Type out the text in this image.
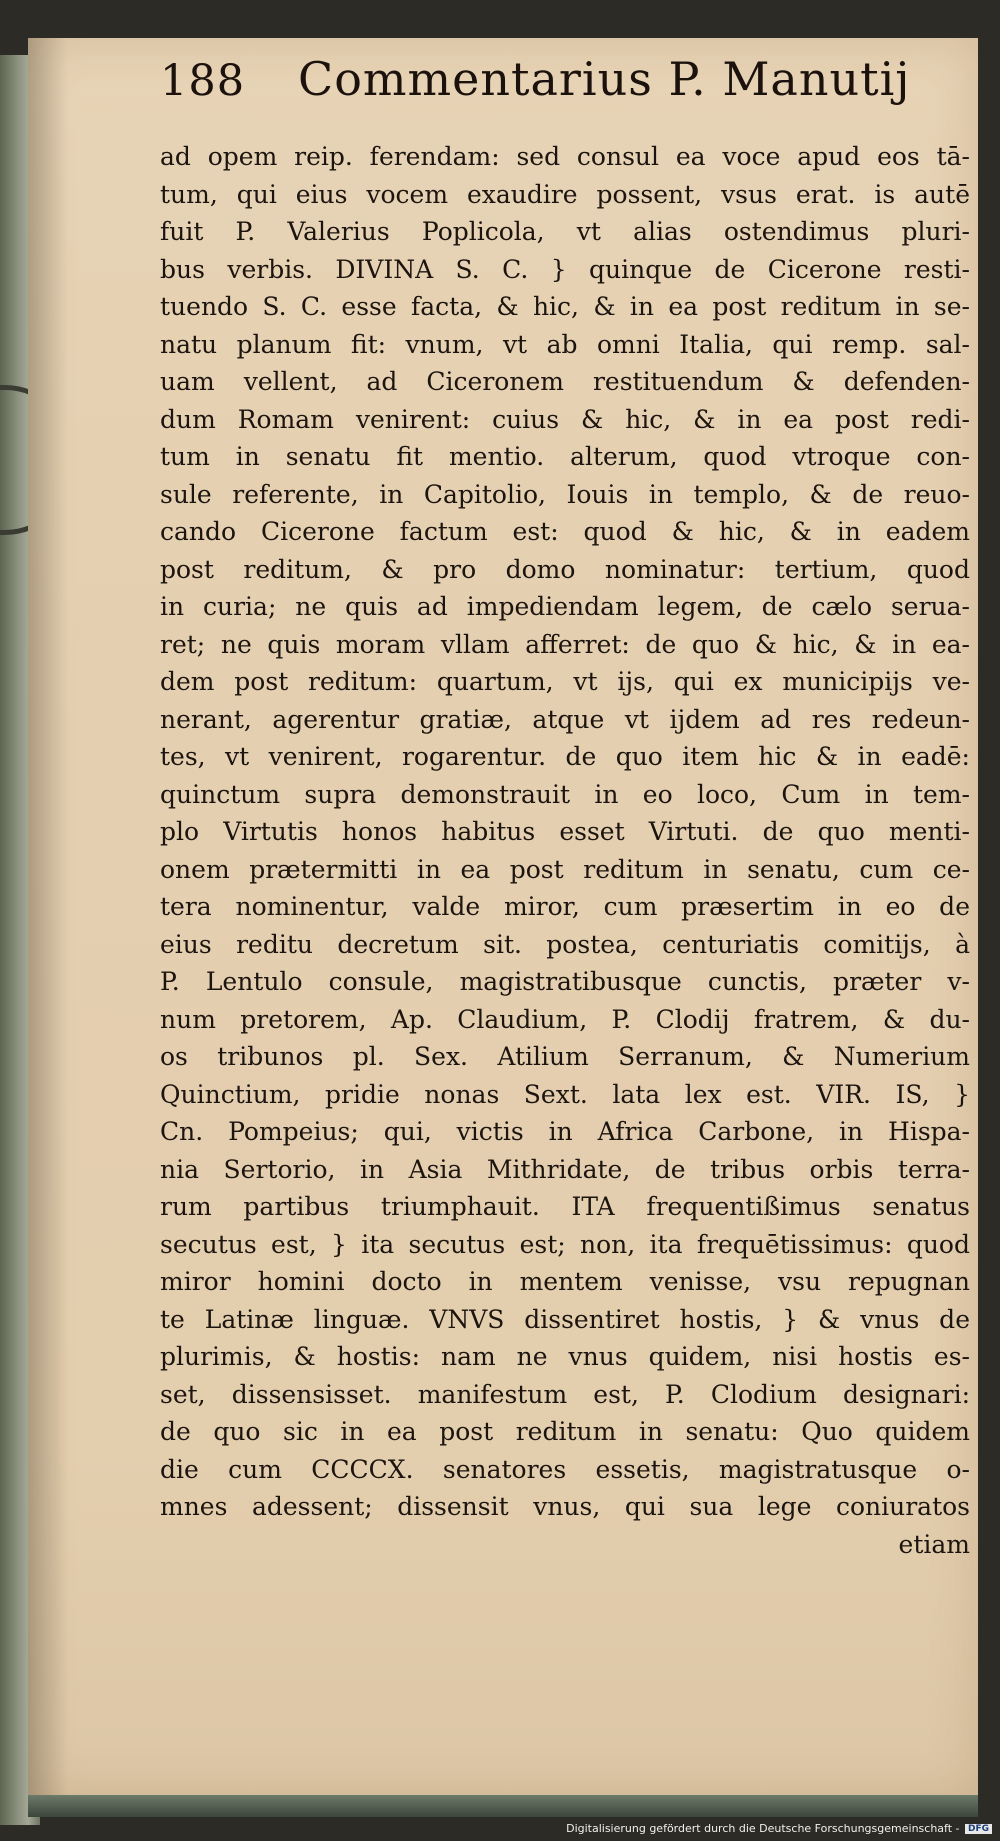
188 Commentarius P. Manutij
ad opem reip. ferendam: sed consul ea voce apud eos tā-
tum, qui eius vocem exaudire possent, vsus erat. is autē
fuit P. Valerius Poplicola, vt alias ostendimus pluri-
bus verbis. DIVINA S. C. } quinque de Cicerone resti-
tuendo S. C. esse facta, & hic, & in ea post reditum in se-
natu planum fit: vnum, vt ab omni Italia, qui remp. sal-
uam vellent, ad Ciceronem restituendum & defenden-
dum Romam venirent: cuius & hic, & in ea post redi-
tum in senatu fit mentio. alterum, quod vtroque con-
sule referente, in Capitolio, Iouis in templo, & de reuo-
cando Cicerone factum est: quod & hic, & in eadem
post reditum, & pro domo nominatur: tertium, quod
in curia; ne quis ad impediendam legem, de cælo serua-
ret; ne quis moram vllam afferret: de quo & hic, & in ea-
dem post reditum: quartum, vt ijs, qui ex municipijs ve-
nerant, agerentur gratiæ, atque vt ijdem ad res redeun-
tes, vt venirent, rogarentur. de quo item hic & in eadē:
quinctum supra demonstrauit in eo loco, Cum in tem-
plo Virtutis honos habitus esset Virtuti. de quo menti-
onem prætermitti in ea post reditum in senatu, cum ce-
tera nominentur, valde miror, cum præsertim in eo de
eius reditu decretum sit. postea, centuriatis comitijs, à
P. Lentulo consule, magistratibusque cunctis, præter v-
num pretorem, Ap. Claudium, P. Clodij fratrem, & du-
os tribunos pl. Sex. Atilium Serranum, & Numerium
Quinctium, pridie nonas Sext. lata lex est. VIR. IS, }
Cn. Pompeius; qui, victis in Africa Carbone, in Hispa-
nia Sertorio, in Asia Mithridate, de tribus orbis terra-
rum partibus triumphauit. ITA frequentißimus senatus
secutus est, } ita secutus est; non, ita frequētissimus: quod
miror homini docto in mentem venisse, vsu repugnan
te Latinæ linguæ. VNVS dissentiret hostis, } & vnus de
plurimis, & hostis: nam ne vnus quidem, nisi hostis es-
set, dissensisset. manifestum est, P. Clodium designari:
de quo sic in ea post reditum in senatu: Quo quidem
die cum CCCCX. senatores essetis, magistratusque o-
mnes adessent; dissensit vnus, qui sua lege coniuratos
etiam
Digitalisierung gefördert durch die Deutsche Forschungsgemeinschaft - DFG
